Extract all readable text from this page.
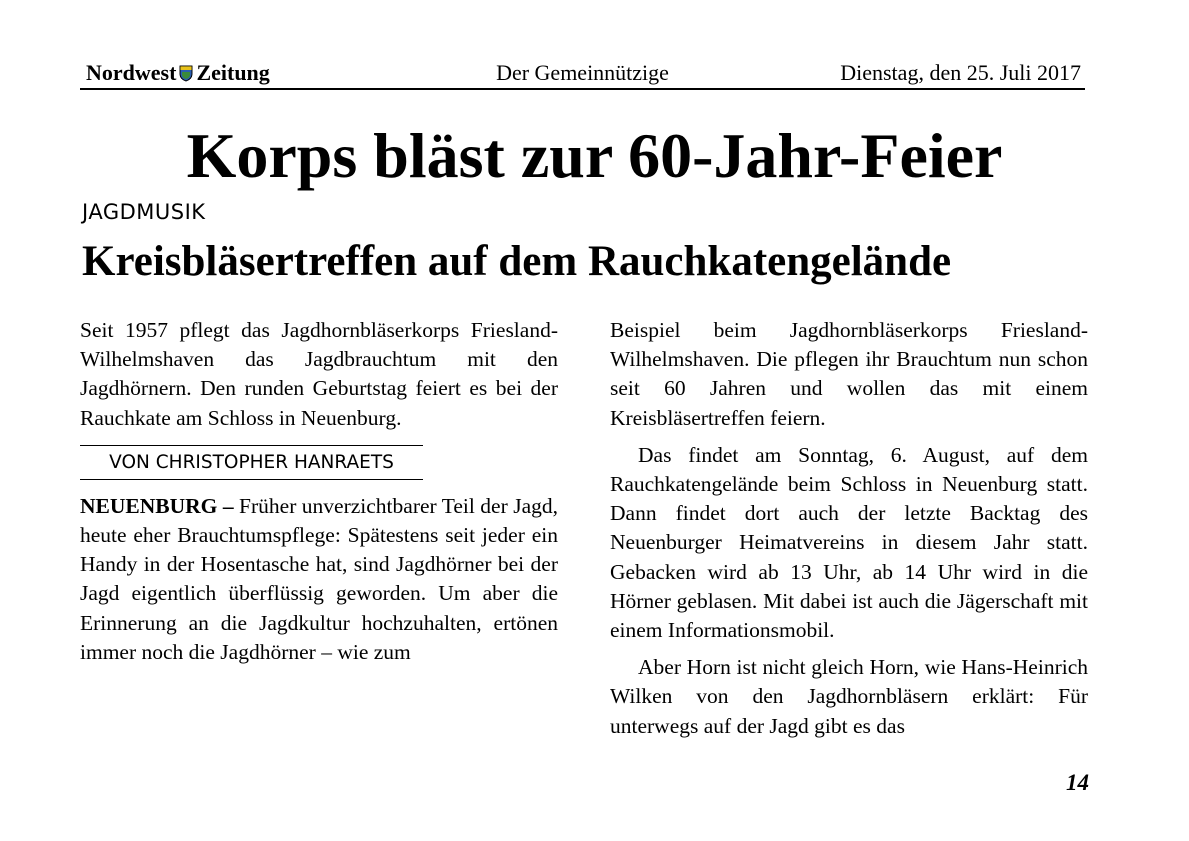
Nordwest Zeitung	Der Gemeinnützige	Dienstag, den 25. Juli 2017
Korps bläst zur 60-Jahr-Feier
JAGDMUSIK
Kreisbläsertreffen auf dem Rauchkatengelände

Seit 1957 pflegt das Jagdhornbläserkorps Friesland-Wilhelmshaven das Jagdbrauchtum mit den Jagdhörnern. Den runden Geburtstag feiert es bei der Rauchkate am Schloss in Neuenburg.

VON CHRISTOPHER HANRAETS

NEUENBURG – Früher unverzichtbarer Teil der Jagd, heute eher Brauchtumspflege: Spätestens seit jeder ein Handy in der Hosentasche hat, sind Jagdhörner bei der Jagd eigentlich überflüssig geworden. Um aber die Erinnerung an die Jagdkultur hochzuhalten, ertönen immer noch die Jagdhörner – wie zum

Beispiel beim Jagdhornbläserkorps Friesland-Wilhelmshaven. Die pflegen ihr Brauchtum nun schon seit 60 Jahren und wollen das mit einem Kreisbläsertreffen feiern.

Das findet am Sonntag, 6. August, auf dem Rauchkatengelände beim Schloss in Neuenburg statt. Dann findet dort auch der letzte Backtag des Neuenburger Heimatvereins in diesem Jahr statt. Gebacken wird ab 13 Uhr, ab 14 Uhr wird in die Hörner geblasen. Mit dabei ist auch die Jägerschaft mit einem Informationsmobil.

Aber Horn ist nicht gleich Horn, wie Hans-Heinrich Wilken von den Jagdhornbläsern erklärt: Für unterwegs auf der Jagd gibt es das

14
